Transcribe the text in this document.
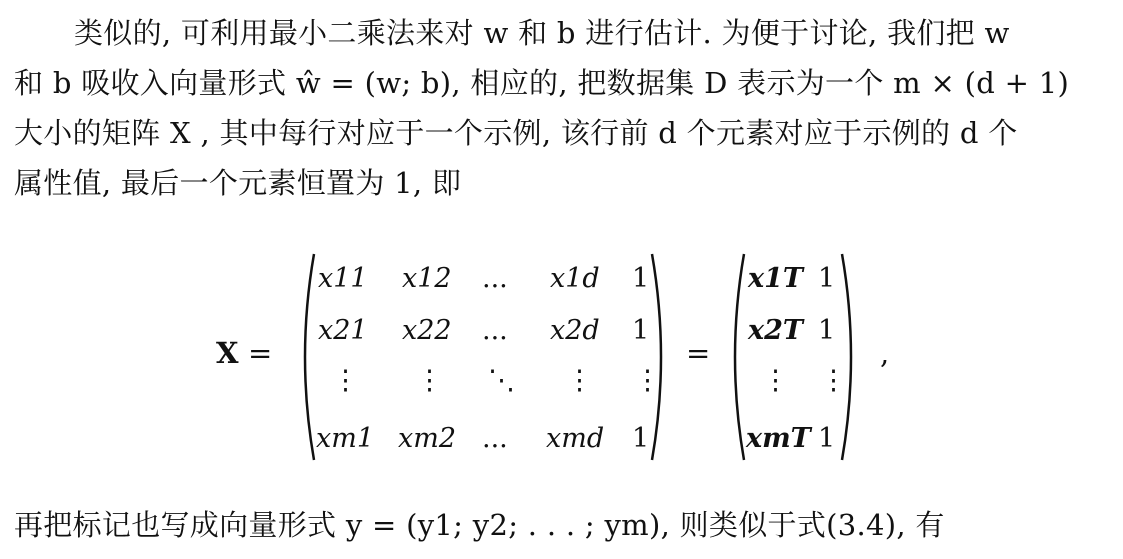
类似的, 可利用最小二乘法来对 w 和 b 进行估计. 为便于讨论, 我们把 w
和 b 吸收入向量形式 ŵ = (w; b), 相应的, 把数据集 D 表示为一个 m × (d + 1)
大小的矩阵 X , 其中每行对应于一个示例, 该行前 d 个元素对应于示例的 d 个
属性值, 最后一个元素恒置为 1, 即
X =
x11 x12 ... x1d 1
x21 x22 ... x2d 1
⋮ ⋮ ⋱ ⋮ ⋮
xm1 xm2 ... xmd 1
=
x1T 1
x2T 1
⋮ ⋮
xmT 1
,
再把标记也写成向量形式 y = (y1; y2; . . . ; ym), 则类似于式(3.4), 有
